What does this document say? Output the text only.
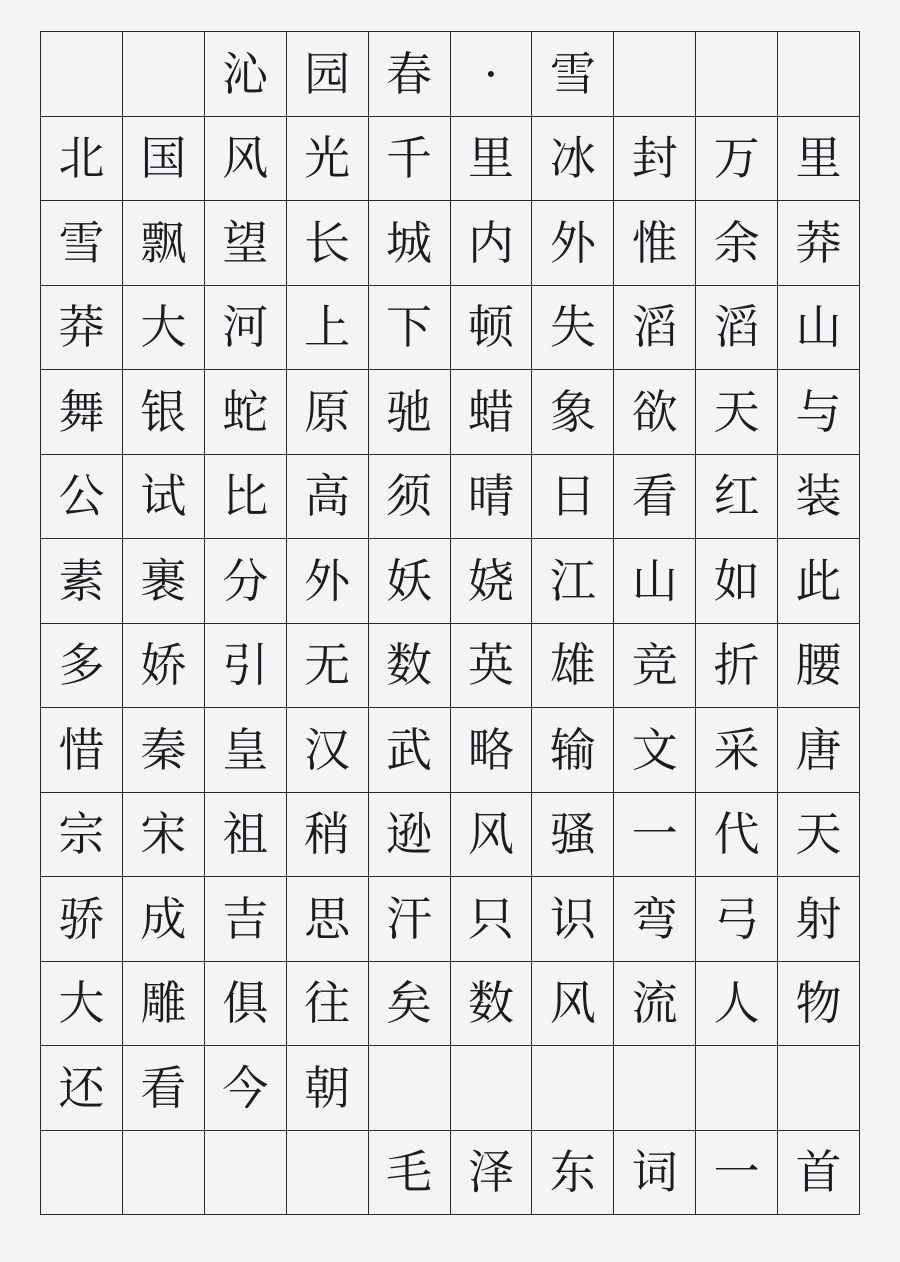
沁 园 春	·	雪
北 国 风 光 千 里 冰 封 万 里
雪 飘 望 长 城 内 外 惟 余 莽
莽 大 河 上 下 顿 失 滔 滔 山
舞 银 蛇 原 驰 蜡 象 欲 天 与
公 试 比 高 须 晴 日 看 红 装
素 裹 分 外 妖 娆 江 山 如 此
多 娇 引 无 数 英 雄 竞 折 腰
惜 秦 皇 汉 武 略 输 文 采 唐
宗 宋 祖 稍 逊 风 骚 一 代 天
骄 成 吉 思 汗 只 识 弯 弓 射
大 雕 俱 往 矣 数 风 流 人 物
还 看 今 朝
毛 泽 东 词 一 首
